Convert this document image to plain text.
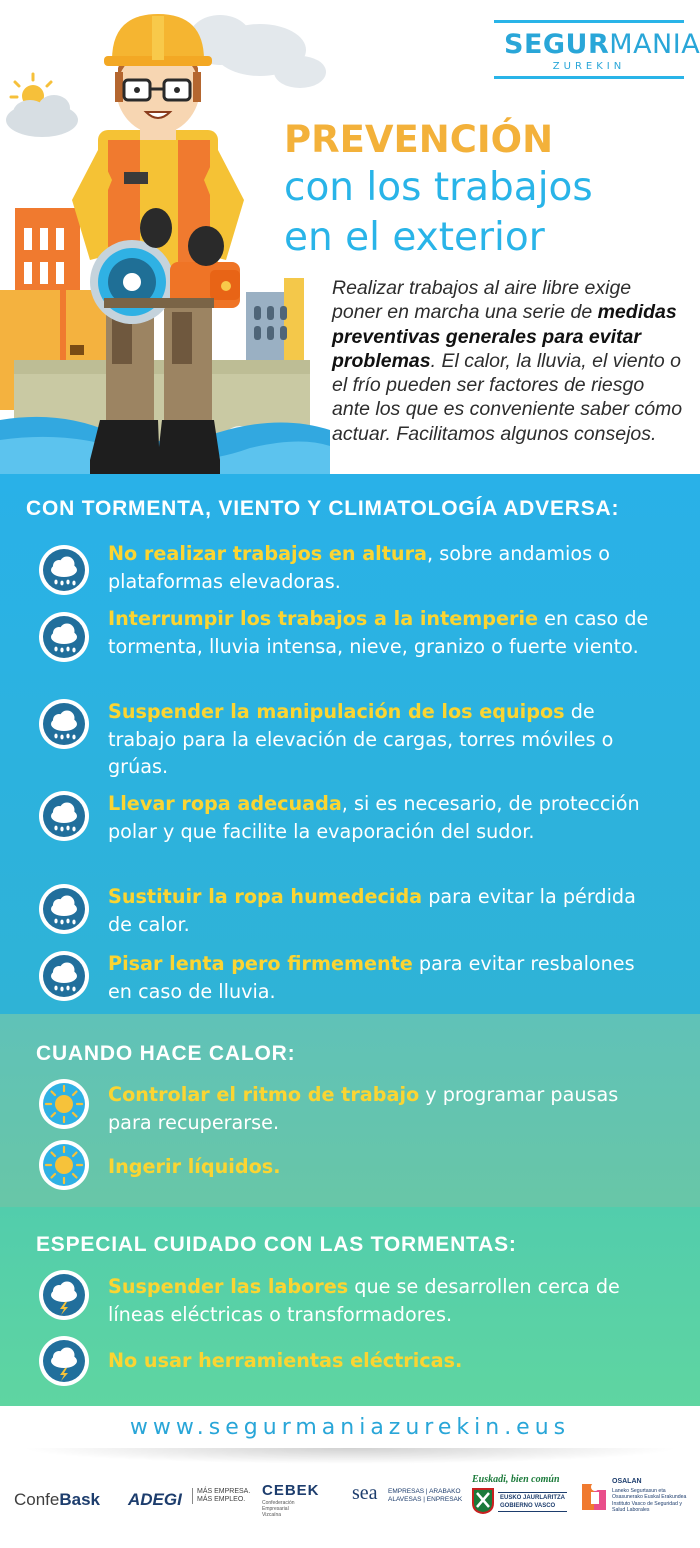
SEGURMANIA
ZUREKIN
PREVENCIÓN
con los trabajos
en el exterior
Realizar trabajos al aire libre exige poner en marcha una serie de medidas preventivas generales para evitar problemas. El calor, la lluvia, el viento o el frío pueden ser factores de riesgo ante los que es conveniente saber cómo actuar. Facilitamos algunos consejos.
CON TORMENTA, VIENTO Y CLIMATOLOGÍA ADVERSA:
No realizar trabajos en altura, sobre andamios o plataformas elevadoras.
Interrumpir los trabajos a la intemperie en caso de tormenta, lluvia intensa, nieve, granizo o fuerte viento.
Suspender la manipulación de los equipos de trabajo para la elevación de cargas, torres móviles o grúas.
Llevar ropa adecuada, si es necesario, de protección polar y que facilite la evaporación del sudor.
Sustituir la ropa humedecida para evitar la pérdida de calor.
Pisar lenta pero firmemente para evitar resbalones en caso de lluvia.
CUANDO HACE CALOR:
Controlar el ritmo de trabajo y programar pausas para recuperarse.
Ingerir líquidos.
ESPECIAL CUIDADO CON LAS TORMENTAS:
Suspender las labores que se desarrollen cerca de líneas eléctricas o transformadores.
No usar herramientas eléctricas.
www.segurmaniazurekin.eus
ConfeBask ADEGI MÁS EMPRESA.
MÁS EMPLEO.
CEBEK
Confederación
Empresarial
Vizcaína
sea EMPRESAS | ARABAKO
ALAVESAS | ENPRESAK
Euskadi, bien común
EUSKO JAURLARITZA
GOBIERNO VASCO
OSALAN
Laneko Segurtasun eta
Osasunerako Euskal Erakundea
Instituto Vasco de Seguridad y
Salud Laborales
